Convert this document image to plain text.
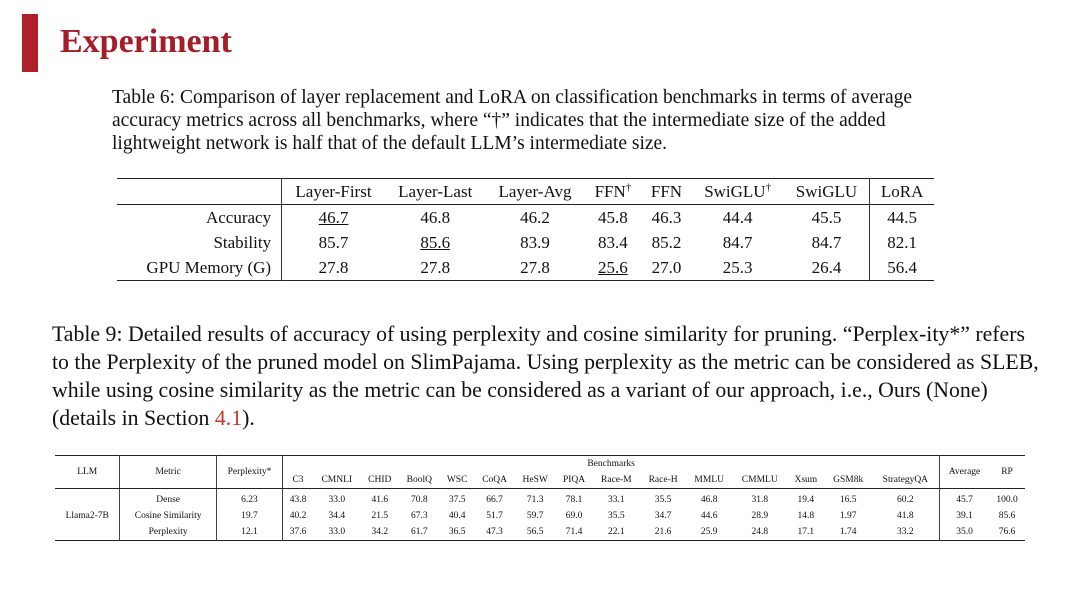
Experiment
Table 6: Comparison of layer replacement and LoRA on classification benchmarks in terms of average accuracy metrics across all benchmarks, where “†” indicates that the intermediate size of the added lightweight network is half that of the default LLM’s intermediate size.
	Layer-First	Layer-Last	Layer-Avg	FFN†	FFN	SwiGLU†	SwiGLU	LoRA
Accuracy	46.7	46.8	46.2	45.8	46.3	44.4	45.5	44.5
Stability	85.7	85.6	83.9	83.4	85.2	84.7	84.7	82.1
GPU Memory (G)	27.8	27.8	27.8	25.6	27.0	25.3	26.4	56.4
Table 9: Detailed results of accuracy of using perplexity and cosine similarity for pruning. “Perplex-ity*” refers to the Perplexity of the pruned model on SlimPajama. Using perplexity as the metric can be considered as SLEB, while using cosine similarity as the metric can be considered as a variant of our approach, i.e., Ours (None)(details in Section 4.1).
LLM	Metric	Perplexity*	Benchmarks															Average	RP
			C3	CMNLI	CHID	BoolQ	WSC	CoQA	HeSW	PIQA	Race-M	Race-H	MMLU	CMMLU	Xsum	GSM8k	StrategyQA		
Llama2-7B	Dense	6.23	43.8	33.0	41.6	70.8	37.5	66.7	71.3	78.1	33.1	35.5	46.8	31.8	19.4	16.5	60.2	45.7	100.0
	Cosine Similarity	19.7	40.2	34.4	21.5	67.3	40.4	51.7	59.7	69.0	35.5	34.7	44.6	28.9	14.8	1.97	41.8	39.1	85.6
	Perplexity	12.1	37.6	33.0	34.2	61.7	36.5	47.3	56.5	71.4	22.1	21.6	25.9	24.8	17.1	1.74	33.2	35.0	76.6
